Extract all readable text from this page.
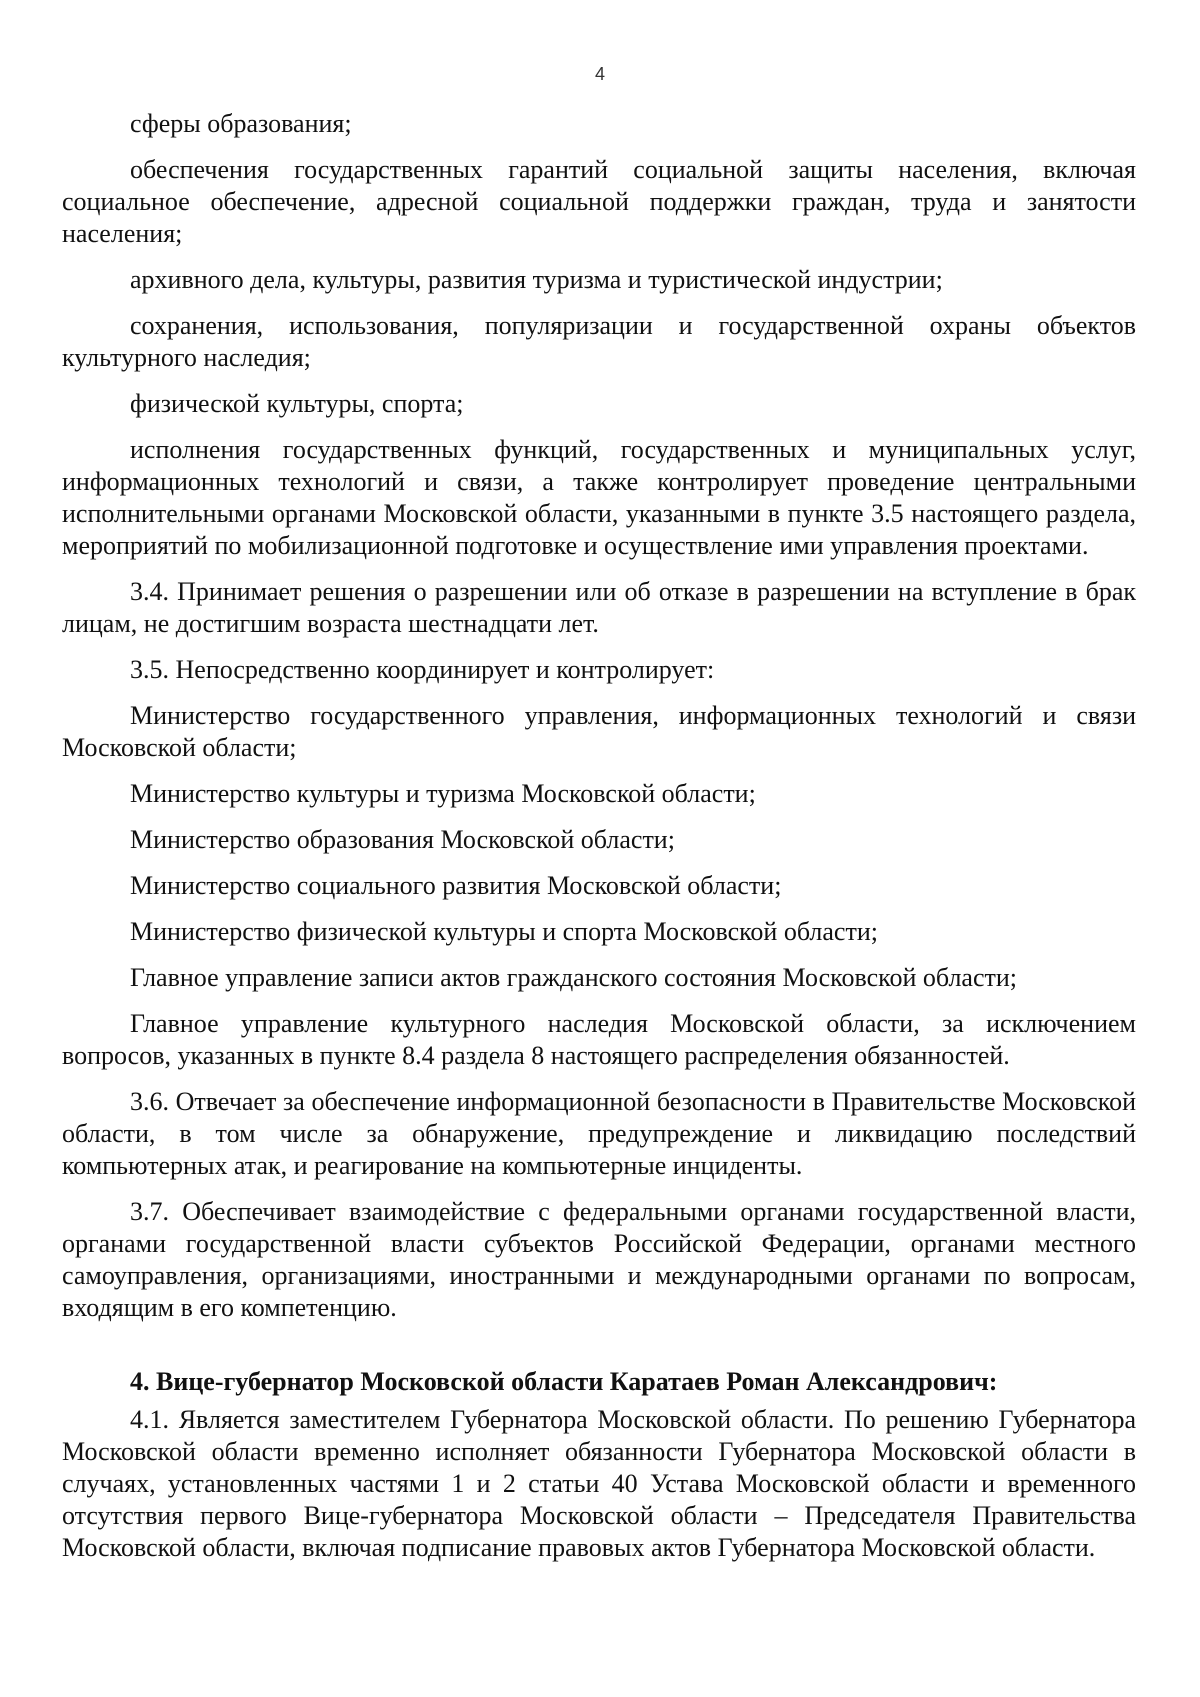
4

сферы образования;

обеспечения государственных гарантий социальной защиты населения, включая социальное обеспечение, адресной социальной поддержки граждан, труда и занятости населения;

архивного дела, культуры, развития туризма и туристической индустрии;

сохранения, использования, популяризации и государственной охраны объектов культурного наследия;

физической культуры, спорта;

исполнения государственных функций, государственных и муниципальных услуг, информационных технологий и связи, а также контролирует проведение центральными исполнительными органами Московской области, указанными в пункте 3.5 настоящего раздела, мероприятий по мобилизационной подготовке и осуществление ими управления проектами.

3.4. Принимает решения о разрешении или об отказе в разрешении на вступление в брак лицам, не достигшим возраста шестнадцати лет.

3.5. Непосредственно координирует и контролирует:

Министерство государственного управления, информационных технологий и связи Московской области;

Министерство культуры и туризма Московской области;

Министерство образования Московской области;

Министерство социального развития Московской области;

Министерство физической культуры и спорта Московской области;

Главное управление записи актов гражданского состояния Московской области;

Главное управление культурного наследия Московской области, за исключением вопросов, указанных в пункте 8.4 раздела 8 настоящего распределения обязанностей.

3.6. Отвечает за обеспечение информационной безопасности в Правительстве Московской области, в том числе за обнаружение, предупреждение и ликвидацию последствий компьютерных атак, и реагирование на компьютерные инциденты.

3.7. Обеспечивает взаимодействие с федеральными органами государственной власти, органами государственной власти субъектов Российской Федерации, органами местного самоуправления, организациями, иностранными и международными органами по вопросам, входящим в его компетенцию.

4. Вице-губернатор Московской области Каратаев Роман Александрович:

4.1. Является заместителем Губернатора Московской области. По решению Губернатора Московской области временно исполняет обязанности Губернатора Московской области в случаях, установленных частями 1 и 2 статьи 40 Устава Московской области и временного отсутствия первого Вице-губернатора Московской области – Председателя Правительства Московской области, включая подписание правовых актов Губернатора Московской области.
